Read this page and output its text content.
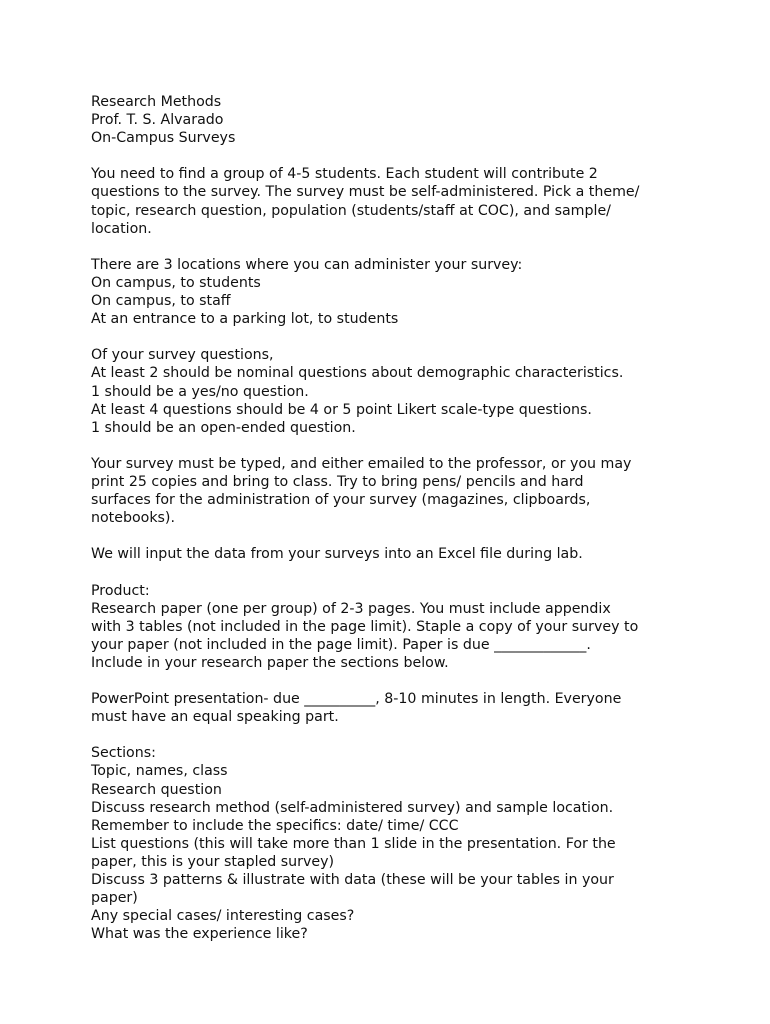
Research Methods
Prof. T. S. Alvarado
On-Campus Surveys
You need to find a group of 4-5 students. Each student will contribute 2
questions to the survey. The survey must be self-administered. Pick a theme/
topic, research question, population (students/staff at COC), and sample/
location.
There are 3 locations where you can administer your survey:
On campus, to students
On campus, to staff
At an entrance to a parking lot, to students
Of your survey questions,
At least 2 should be nominal questions about demographic characteristics.
1 should be a yes/no question.
At least 4 questions should be 4 or 5 point Likert scale-type questions.
1 should be an open-ended question.
Your survey must be typed, and either emailed to the professor, or you may
print 25 copies and bring to class. Try to bring pens/ pencils and hard
surfaces for the administration of your survey (magazines, clipboards,
notebooks).
We will input the data from your surveys into an Excel file during lab.
Product:
Research paper (one per group) of 2-3 pages. You must include appendix
with 3 tables (not included in the page limit). Staple a copy of your survey to
your paper (not included in the page limit). Paper is due _____________.
Include in your research paper the sections below.
PowerPoint presentation- due __________, 8-10 minutes in length. Everyone
must have an equal speaking part.
Sections:
Topic, names, class
Research question
Discuss research method (self-administered survey) and sample location.
Remember to include the specifics: date/ time/ CCC
List questions (this will take more than 1 slide in the presentation. For the
paper, this is your stapled survey)
Discuss 3 patterns & illustrate with data (these will be your tables in your
paper)
Any special cases/ interesting cases?
What was the experience like?
